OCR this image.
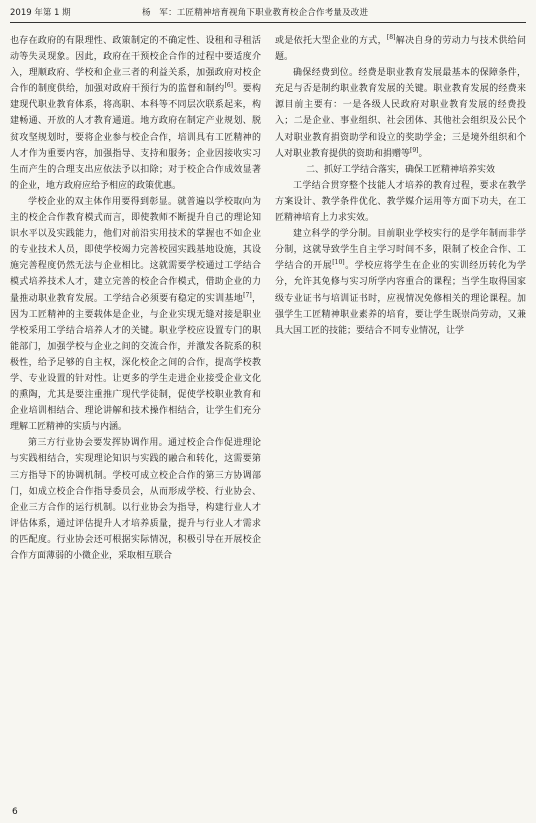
2019 年第 1 期	杨　军：工匠精神培育视角下职业教育校企合作考量及改进

也存在政府的有限理性、政策制定的不确定性、设租和寻租活动等失灵现象。因此，政府在干预校企合作的过程中要适度介入，理顺政府、学校和企业三者的利益关系，加强政府对校企合作的制度供给，加强对政府干预行为的监督和制约[6]。要构建现代职业教育体系，将高职、本科等不同层次联系起来，构建畅通、开放的人才教育通道。地方政府在制定产业规划、脱贫攻坚规划时，要将企业参与校企合作，培训具有工匠精神的人才作为重要内容，加强指导、支持和服务；企业因接收实习生而产生的合理支出应依法予以扣除；对于校企合作成效显著的企业，地方政府应给予相应的政策优惠。

学校企业的双主体作用要得到彰显。就普遍以学校取向为主的校企合作教育模式而言，即使教师不断提升自己的理论知识水平以及实践能力，他们对前沿实用技术的掌握也不如企业的专业技术人员，即使学校竭力完善校园实践基地设施，其设施完善程度仍然无法与企业相比。这就需要学校通过工学结合模式培养技术人才，建立完善的校企合作模式，借助企业的力量推动职业教育发展。工学结合必须要有稳定的实训基地[7]，因为工匠精神的主要载体是企业，与企业实现无缝对接是职业学校采用工学结合培养人才的关键。职业学校应设置专门的职能部门，加强学校与企业之间的交流合作，并激发各院系的积极性，给予足够的自主权，深化校企之间的合作，提高学校教学、专业设置的针对性。让更多的学生走进企业接受企业文化的熏陶，尤其是要注重推广现代学徒制，促使学校职业教育和企业培训相结合、理论讲解和技术操作相结合，让学生们充分理解工匠精神的实质与内涵。

第三方行业协会要发挥协调作用。通过校企合作促进理论与实践相结合，实现理论知识与实践的融合和转化，这需要第三方指导下的协调机制。学校可成立校企合作的第三方协调部门，如成立校企合作指导委员会，从而形成学校、行业协会、企业三方合作的运行机制。以行业协会为指导，构建行业人才评估体系，通过评估提升人才培养质量，提升与行业人才需求的匹配度。行业协会还可根据实际情况，积极引导在开展校企合作方面薄弱的小微企业，采取相互联合

或是依托大型企业的方式，[8]解决自身的劳动力与技术供给问题。

确保经费到位。经费是职业教育发展最基本的保障条件，充足与否是制约职业教育发展的关键。职业教育发展的经费来源目前主要有：一是各级人民政府对职业教育发展的经费投入；二是企业、事业组织、社会团体、其他社会组织及公民个人对职业教育捐资助学和设立的奖助学金；三是境外组织和个人对职业教育提供的资助和捐赠等[9]。

二、抓好工学结合落实，确保工匠精神培养实效

工学结合贯穿整个技能人才培养的教育过程，要求在教学方案设计、教学条件优化、教学媒介运用等方面下功夫，在工匠精神培育上力求实效。

建立科学的学分制。目前职业学校实行的是学年制而非学分制，这就导致学生自主学习时间不多，限制了校企合作、工学结合的开展[10]。学校应将学生在企业的实训经历转化为学分，允许其免修与实习所学内容重合的课程；当学生取得国家级专业证书与培训证书时，应视情况免修相关的理论课程。加强学生工匠精神职业素养的培育，要让学生既崇尚劳动，又兼具大国工匠的技能；要结合不同专业情况，让学

6
